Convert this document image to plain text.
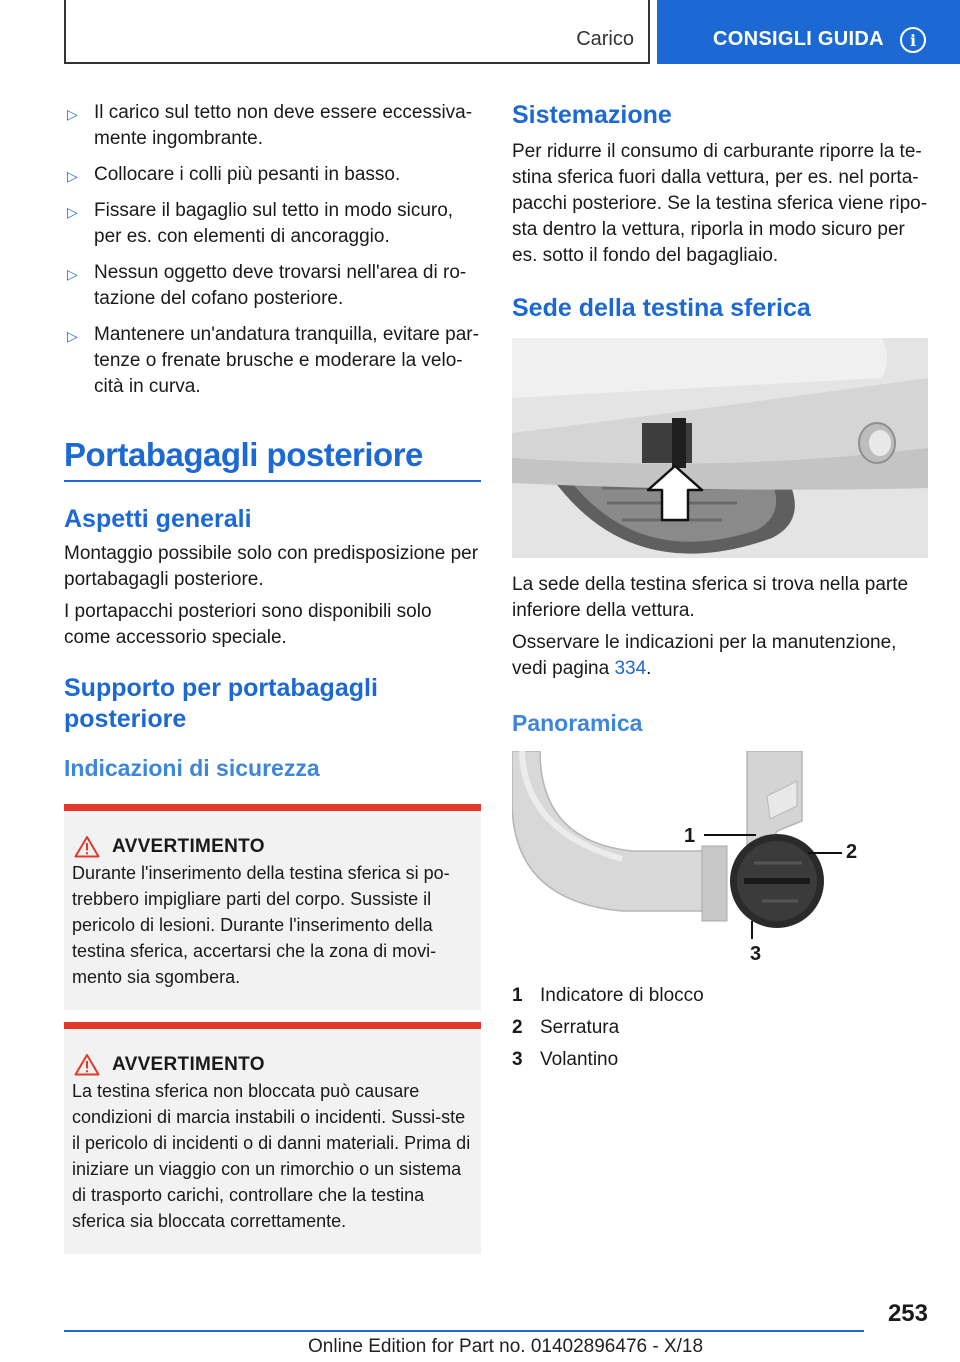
Carico	CONSIGLI GUIDA	i
▷ Il carico sul tetto non deve essere eccessiva-mente ingombrante.
▷ Collocare i colli più pesanti in basso.
▷ Fissare il bagaglio sul tetto in modo sicuro, per es. con elementi di ancoraggio.
▷ Nessun oggetto deve trovarsi nell'area di ro-tazione del cofano posteriore.
▷ Mantenere un'andatura tranquilla, evitare par-tenze o frenate brusche e moderare la velo-cità in curva.
Portabagagli posteriore
Aspetti generali

Montaggio possibile solo con predisposizione per portabagagli posteriore.

I portapacchi posteriori sono disponibili solo come accessorio speciale.

Supporto per portabagagli posteriore
Indicazioni di sicurezza
AVVERTIMENTO
Durante l'inserimento della testina sferica si po-trebbero impigliare parti del corpo. Sussiste il pericolo di lesioni. Durante l'inserimento della testina sferica, accertarsi che la zona di movi-mento sia sgombera.
AVVERTIMENTO
La testina sferica non bloccata può causare condizioni di marcia instabili o incidenti. Sussi-ste il pericolo di incidenti o di danni materiali. Prima di iniziare un viaggio con un rimorchio o un sistema di trasporto carichi, controllare che la testina sferica sia bloccata correttamente.
Sistemazione

Per ridurre il consumo di carburante riporre la te-stina sferica fuori dalla vettura, per es. nel porta-pacchi posteriore. Se la testina sferica viene ripo-sta dentro la vettura, riporla in modo sicuro per es. sotto il fondo del bagagliaio.

Sede della testina sferica

La sede della testina sferica si trova nella parte inferiore della vettura.

Osservare le indicazioni per la manutenzione, vedi pagina 334.

Panoramica
1
2
3
1 Indicatore di blocco
2 Serratura
3 Volantino
253
Online Edition for Part no. 01402896476 - X/18
